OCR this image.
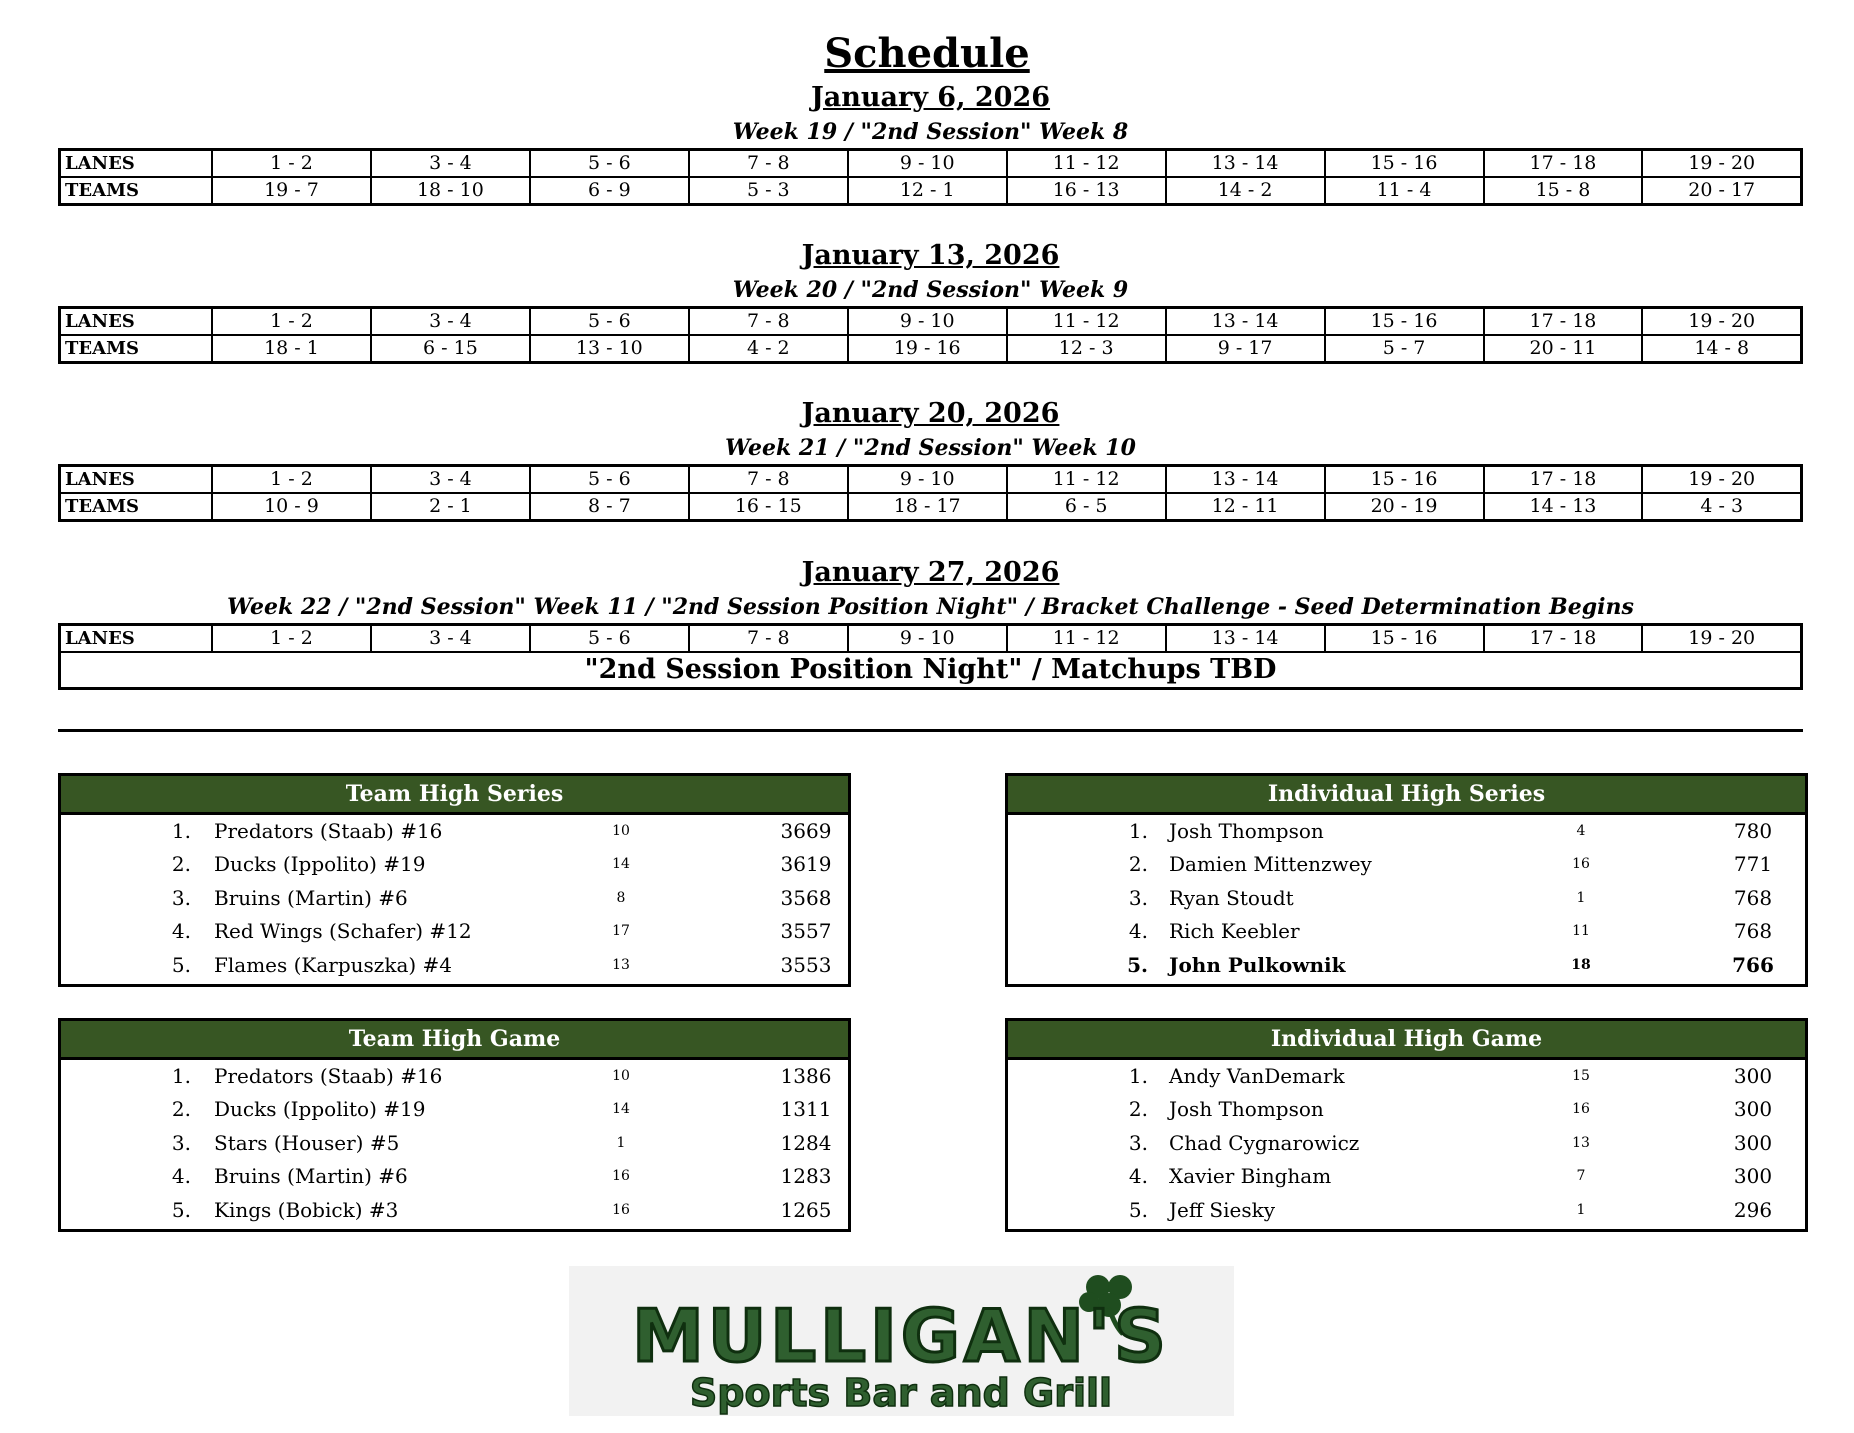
Schedule
January 6, 2026
Week 19 / "2nd Session" Week 8
LANES	1 - 2	3 - 4	5 - 6	7 - 8	9 - 10	11 - 12	13 - 14	15 - 16	17 - 18	19 - 20
TEAMS	19 - 7	18 - 10	6 - 9	5 - 3	12 - 1	16 - 13	14 - 2	11 - 4	15 - 8	20 - 17
January 13, 2026
Week 20 / "2nd Session" Week 9
LANES	1 - 2	3 - 4	5 - 6	7 - 8	9 - 10	11 - 12	13 - 14	15 - 16	17 - 18	19 - 20
TEAMS	18 - 1	6 - 15	13 - 10	4 - 2	19 - 16	12 - 3	9 - 17	5 - 7	20 - 11	14 - 8
January 20, 2026
Week 21 / "2nd Session" Week 10
LANES	1 - 2	3 - 4	5 - 6	7 - 8	9 - 10	11 - 12	13 - 14	15 - 16	17 - 18	19 - 20
TEAMS	10 - 9	2 - 1	8 - 7	16 - 15	18 - 17	6 - 5	12 - 11	20 - 19	14 - 13	4 - 3
January 27, 2026
Week 22 / "2nd Session" Week 11 / "2nd Session Position Night" / Bracket Challenge - Seed Determination Begins
LANES	1 - 2	3 - 4	5 - 6	7 - 8	9 - 10	11 - 12	13 - 14	15 - 16	17 - 18	19 - 20
"2nd Session Position Night" / Matchups TBD
Team High Series
1. Predators (Staab) #16	10	3669
2. Ducks (Ippolito) #19	14	3619
3. Bruins (Martin) #6	8	3568
4. Red Wings (Schafer) #12	17	3557
5. Flames (Karpuszka) #4	13	3553
Individual High Series
1. Josh Thompson	4	780
2. Damien Mittenzwey	16	771
3. Ryan Stoudt	1	768
4. Rich Keebler	11	768
5. John Pulkownik	18	766
Team High Game
1. Predators (Staab) #16	10	1386
2. Ducks (Ippolito) #19	14	1311
3. Stars (Houser) #5	1	1284
4. Bruins (Martin) #6	16	1283
5. Kings (Bobick) #3	16	1265
Individual High Game
1. Andy VanDemark	15	300
2. Josh Thompson	16	300
3. Chad Cygnarowicz	13	300
4. Xavier Bingham	7	300
5. Jeff Siesky	1	296
MULLIGAN'S
Sports Bar and Grill
